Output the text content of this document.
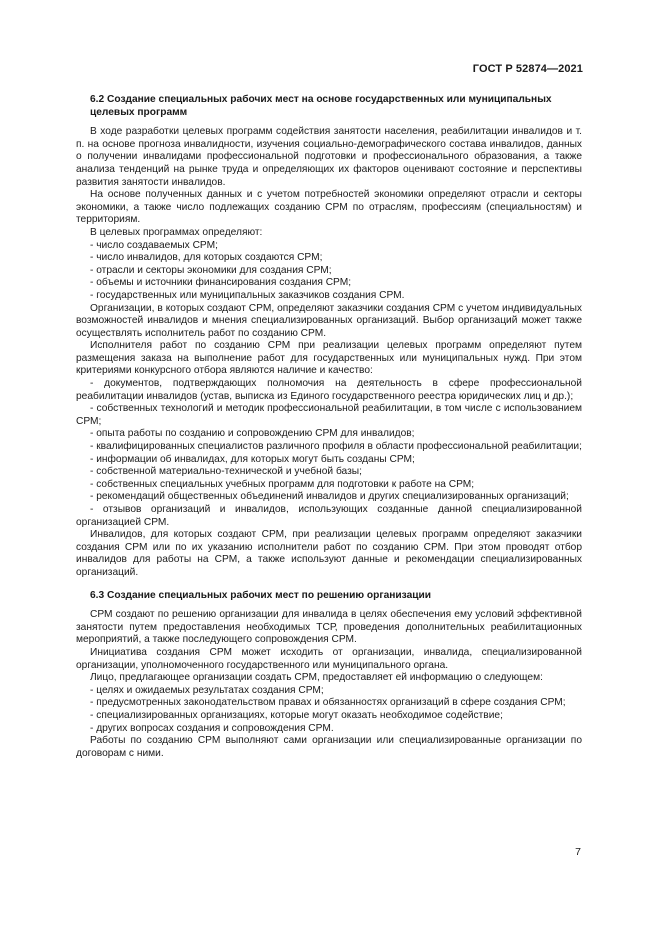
ГОСТ Р 52874—2021
6.2 Создание специальных рабочих мест на основе государственных или муниципальных целевых программ

В ходе разработки целевых программ содействия занятости населения, реабилитации инвалидов и т. п. на основе прогноза инвалидности, изучения социально-демографического состава инвалидов, данных о получении инвалидами профессиональной подготовки и профессионального образования, а также анализа тенденций на рынке труда и определяющих их факторов оценивают состояние и перспективы развития занятости инвалидов.

На основе полученных данных и с учетом потребностей экономики определяют отрасли и секторы экономики, а также число подлежащих созданию СРМ по отраслям, профессиям (специальностям) и территориям.

В целевых программах определяют:

- число создаваемых СРМ;

- число инвалидов, для которых создаются СРМ;

- отрасли и секторы экономики для создания СРМ;

- объемы и источники финансирования создания СРМ;

- государственных или муниципальных заказчиков создания СРМ.

Организации, в которых создают СРМ, определяют заказчики создания СРМ с учетом индивидуальных возможностей инвалидов и мнения специализированных организаций. Выбор организаций может также осуществлять исполнитель работ по созданию СРМ.

Исполнителя работ по созданию СРМ при реализации целевых программ определяют путем размещения заказа на выполнение работ для государственных или муниципальных нужд. При этом критериями конкурсного отбора являются наличие и качество:

- документов, подтверждающих полномочия на деятельность в сфере профессиональной реабилитации инвалидов (устав, выписка из Единого государственного реестра юридических лиц и др.);

- собственных технологий и методик профессиональной реабилитации, в том числе с использованием СРМ;

- опыта работы по созданию и сопровождению СРМ для инвалидов;

- квалифицированных специалистов различного профиля в области профессиональной реабилитации;

- информации об инвалидах, для которых могут быть созданы СРМ;

- собственной материально-технической и учебной базы;

- собственных специальных учебных программ для подготовки к работе на СРМ;

- рекомендаций общественных объединений инвалидов и других специализированных организаций;

- отзывов организаций и инвалидов, использующих созданные данной специализированной организацией СРМ.

Инвалидов, для которых создают СРМ, при реализации целевых программ определяют заказчики создания СРМ или по их указанию исполнители работ по созданию СРМ. При этом проводят отбор инвалидов для работы на СРМ, а также используют данные и рекомендации специализированных организаций.

6.3 Создание специальных рабочих мест по решению организации

СРМ создают по решению организации для инвалида в целях обеспечения ему условий эффективной занятости путем предоставления необходимых ТСР, проведения дополнительных реабилитационных мероприятий, а также последующего сопровождения СРМ.

Инициатива создания СРМ может исходить от организации, инвалида, специализированной организации, уполномоченного государственного или муниципального органа.

Лицо, предлагающее организации создать СРМ, предоставляет ей информацию о следующем:

- целях и ожидаемых результатах создания СРМ;

- предусмотренных законодательством правах и обязанностях организаций в сфере создания СРМ;

- специализированных организациях, которые могут оказать необходимое содействие;

- других вопросах создания и сопровождения СРМ.

Работы по созданию СРМ выполняют сами организации или специализированные организации по договорам с ними.

7
